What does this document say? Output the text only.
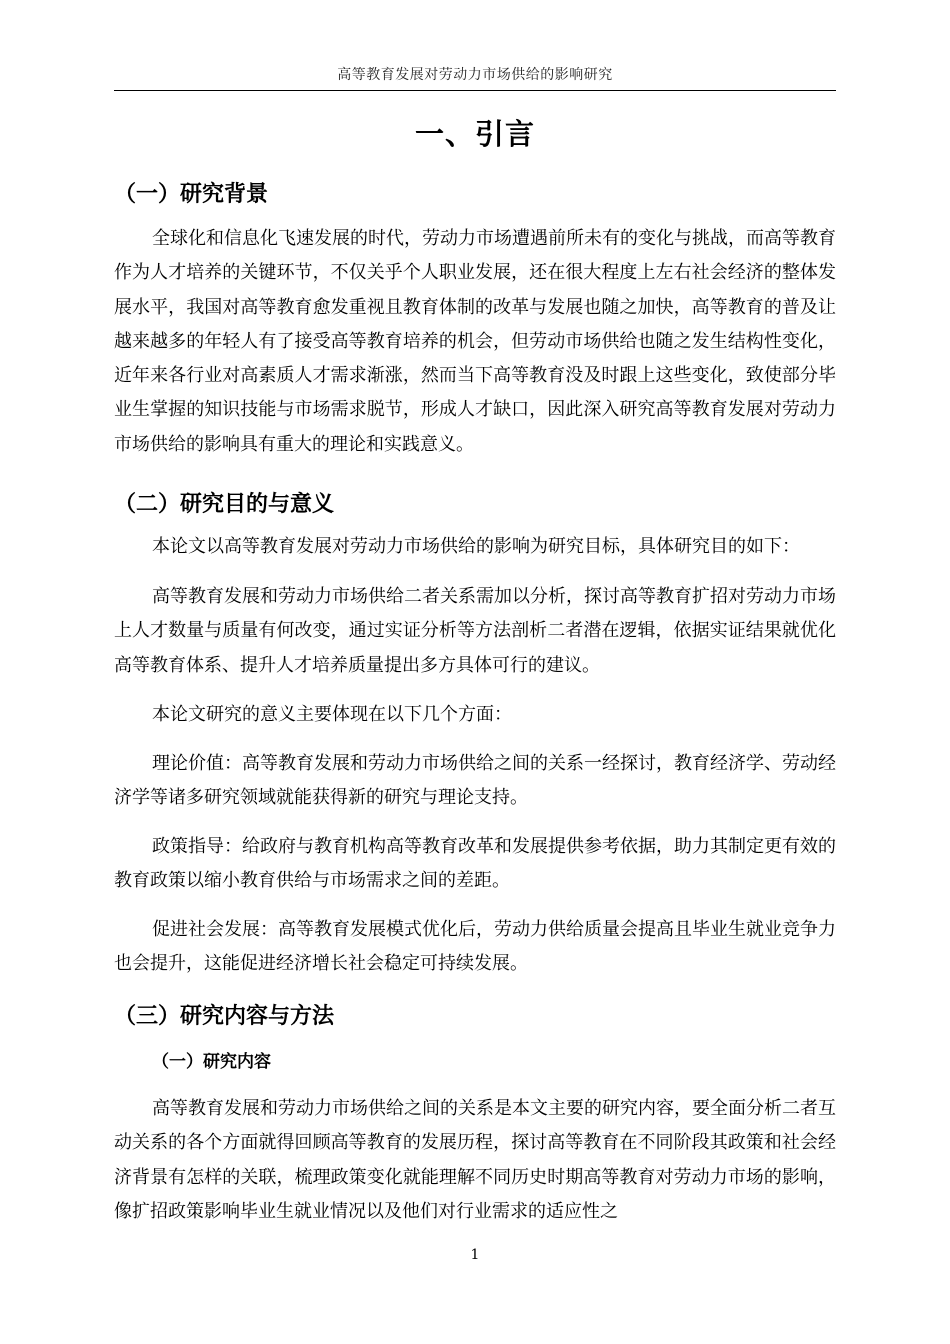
高等教育发展对劳动力市场供给的影响研究
一、引言
（一）研究背景
全球化和信息化飞速发展的时代，劳动力市场遭遇前所未有的变化与挑战，而高等教育作为人才培养的关键环节，不仅关乎个人职业发展，还在很大程度上左右社会经济的整体发展水平，我国对高等教育愈发重视且教育体制的改革与发展也随之加快，高等教育的普及让越来越多的年轻人有了接受高等教育培养的机会，但劳动市场供给也随之发生结构性变化，近年来各行业对高素质人才需求渐涨，然而当下高等教育没及时跟上这些变化，致使部分毕业生掌握的知识技能与市场需求脱节，形成人才缺口，因此深入研究高等教育发展对劳动力市场供给的影响具有重大的理论和实践意义。
（二）研究目的与意义
本论文以高等教育发展对劳动力市场供给的影响为研究目标，具体研究目的如下：
高等教育发展和劳动力市场供给二者关系需加以分析，探讨高等教育扩招对劳动力市场上人才数量与质量有何改变，通过实证分析等方法剖析二者潜在逻辑，依据实证结果就优化高等教育体系、提升人才培养质量提出多方具体可行的建议。
本论文研究的意义主要体现在以下几个方面：
理论价值：高等教育发展和劳动力市场供给之间的关系一经探讨，教育经济学、劳动经济学等诸多研究领域就能获得新的研究与理论支持。
政策指导：给政府与教育机构高等教育改革和发展提供参考依据，助力其制定更有效的教育政策以缩小教育供给与市场需求之间的差距。
促进社会发展：高等教育发展模式优化后，劳动力供给质量会提高且毕业生就业竞争力也会提升，这能促进经济增长社会稳定可持续发展。
（三）研究内容与方法
（一）研究内容
高等教育发展和劳动力市场供给之间的关系是本文主要的研究内容，要全面分析二者互动关系的各个方面就得回顾高等教育的发展历程，探讨高等教育在不同阶段其政策和社会经济背景有怎样的关联，梳理政策变化就能理解不同历史时期高等教育对劳动力市场的影响，像扩招政策影响毕业生就业情况以及他们对行业需求的适应性之
1
